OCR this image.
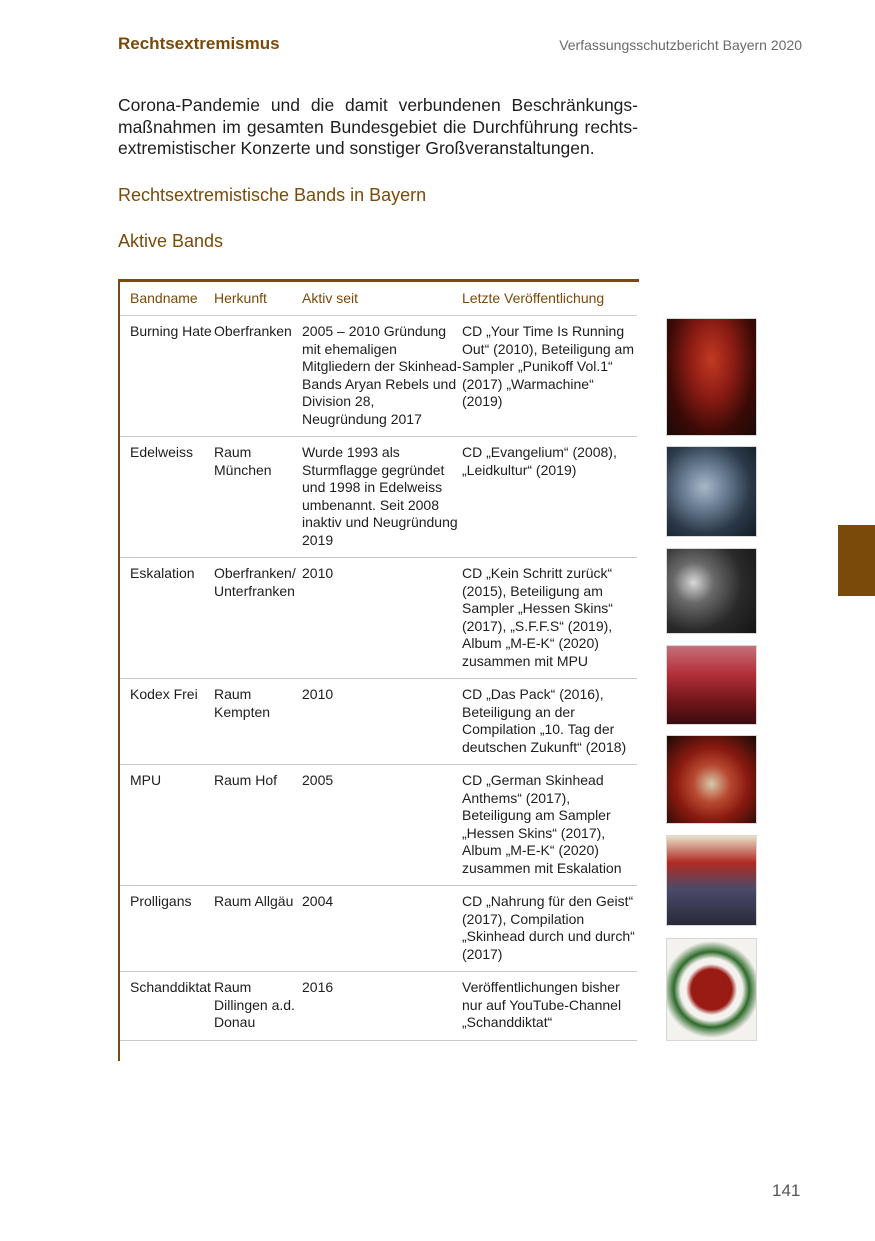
Rechtsextremismus	Verfassungsschutzbericht Bayern 2020

Corona-Pandemie und die damit verbundenen Beschränkungsmaßnahmen im gesamten Bundesgebiet die Durchführung rechtsextremistischer Konzerte und sonstiger Großveranstaltungen.

Rechtsextremistische Bands in Bayern
Aktive Bands
Bandname	Herkunft	Aktiv seit	Letzte Veröffentlichung
Burning Hate	Oberfranken	2005 – 2010 Gründung mit ehemaligen Mitgliedern der Skinhead-Bands Aryan Rebels und Division 28, Neugründung 2017	CD „Your Time Is Running Out“ (2010), Beteiligung am Sampler „Punikoff Vol.1“ (2017) „Warmachine“ (2019)
Edelweiss	Raum München	Wurde 1993 als Sturmflagge gegründet und 1998 in Edelweiss umbenannt. Seit 2008 inaktiv und Neugründung 2019	CD „Evangelium“ (2008), „Leidkultur“ (2019)
Eskalation	Oberfranken/ Unterfranken	2010	CD „Kein Schritt zurück“ (2015), Beteiligung am Sampler „Hessen Skins“ (2017), „S.F.F.S“ (2019), Album „M-E-K“ (2020) zusammen mit MPU
Kodex Frei	Raum Kempten	2010	CD „Das Pack“ (2016), Beteiligung an der Compilation „10. Tag der deutschen Zukunft“ (2018)
MPU	Raum Hof	2005	CD „German Skinhead Anthems“ (2017), Beteiligung am Sampler „Hessen Skins“ (2017), Album „M-E-K“ (2020) zusammen mit Eskalation
Prolligans	Raum Allgäu	2004	CD „Nahrung für den Geist“ (2017), Compilation „Skinhead durch und durch“ (2017)
Schanddiktat	Raum Dillingen a.d. Donau	2016	Veröffentlichungen bisher nur auf YouTube-Channel „Schanddiktat“
141
